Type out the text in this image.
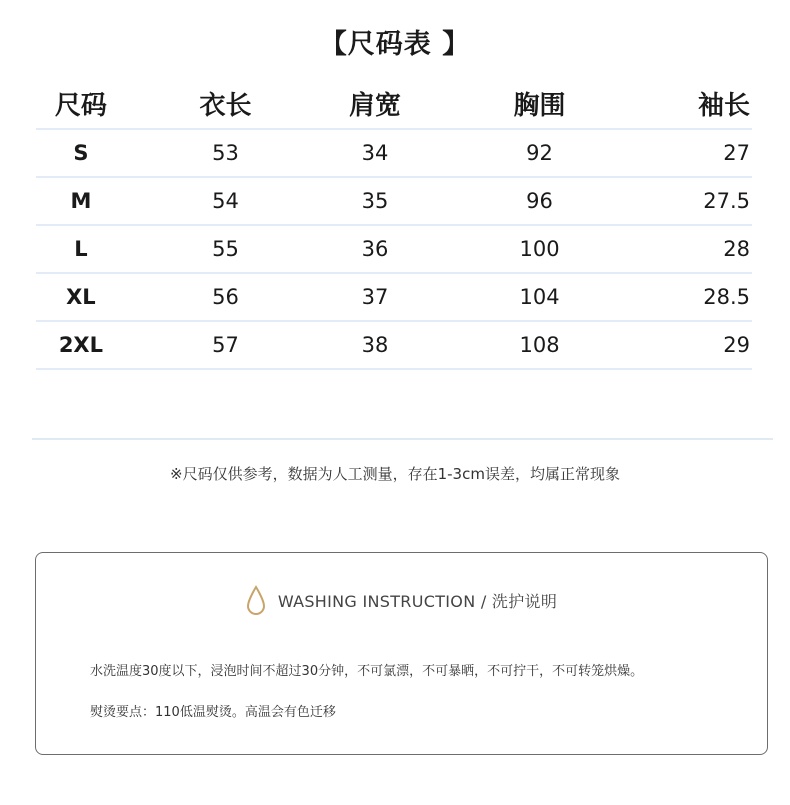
【尺码表 】
尺码	衣长	肩宽	胸围	袖长
S	53	34	92	27
M	54	35	96	27.5
L	55	36	100	28
XL	56	37	104	28.5
2XL	57	38	108	29
※尺码仅供参考，数据为人工测量，存在1-3cm误差，均属正常现象
WASHING INSTRUCTION / 洗护说明
水洗温度30度以下，浸泡时间不超过30分钟，不可氯漂，不可暴晒，不可拧干，不可转笼烘燥。
熨烫要点：110低温熨烫。高温会有色迁移
